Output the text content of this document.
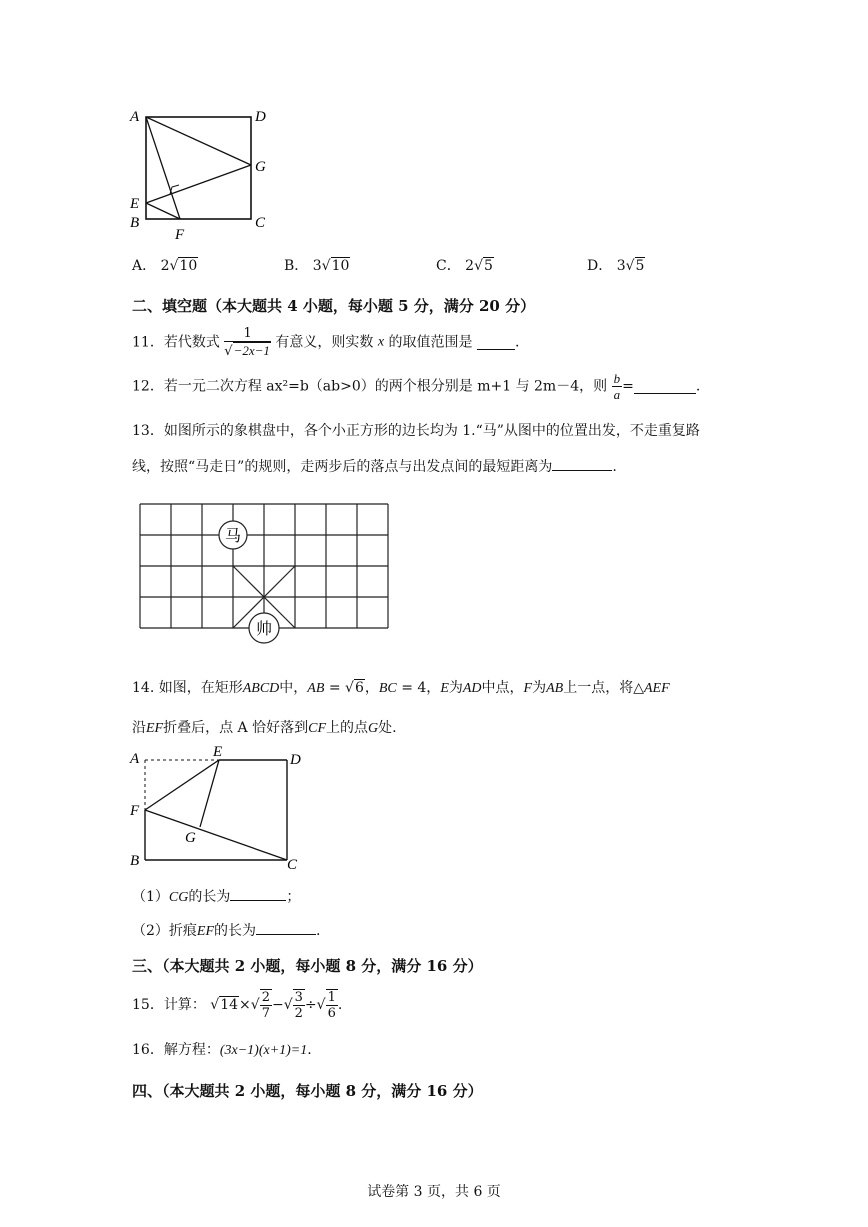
A	D
G
E
B	C
F
A． 2√10	B． 3√10	C． 2√5	D． 3√5
二、填空题（本大题共 4 小题，每小题 5 分，满分 20 分）
11．若代数式 $\frac{1}{√-2x-1}$ 有意义，则实数 x 的取值范围是	.
12．若一元二次方程 ax²=b（ab>0）的两个根分别是 m+1 与 2m－4，则 $\frac{b}{a}$ =	.
13．如图所示的象棋盘中，各个小正方形的边长均为 1.“马”从图中的位置出发，不走重复路
线，按照“马走日”的规则，走两步后的落点与出发点间的最短距离为	.
马
帅
14. 如图，在矩形ABCD中，AB = √6，BC = 4，E为AD中点，F为AB上一点，将△AEF
沿EF折叠后，点 A 恰好落到CF上的点G处.
A	E	D
F
G
B	C
（1）CG的长为	；
（2）折痕EF的长为	.
三、（本大题共 2 小题，每小题 8 分，满分 16 分）
15．计算： $√14\times√ \frac{2}{7}$ −√ $\frac{3}{2}$ ÷√ $\frac{1}{6}$ .
16．解方程：(3x−1)(x+1)=1.
四、（本大题共 2 小题，每小题 8 分，满分 16 分）
试卷第 3 页，共 6 页
